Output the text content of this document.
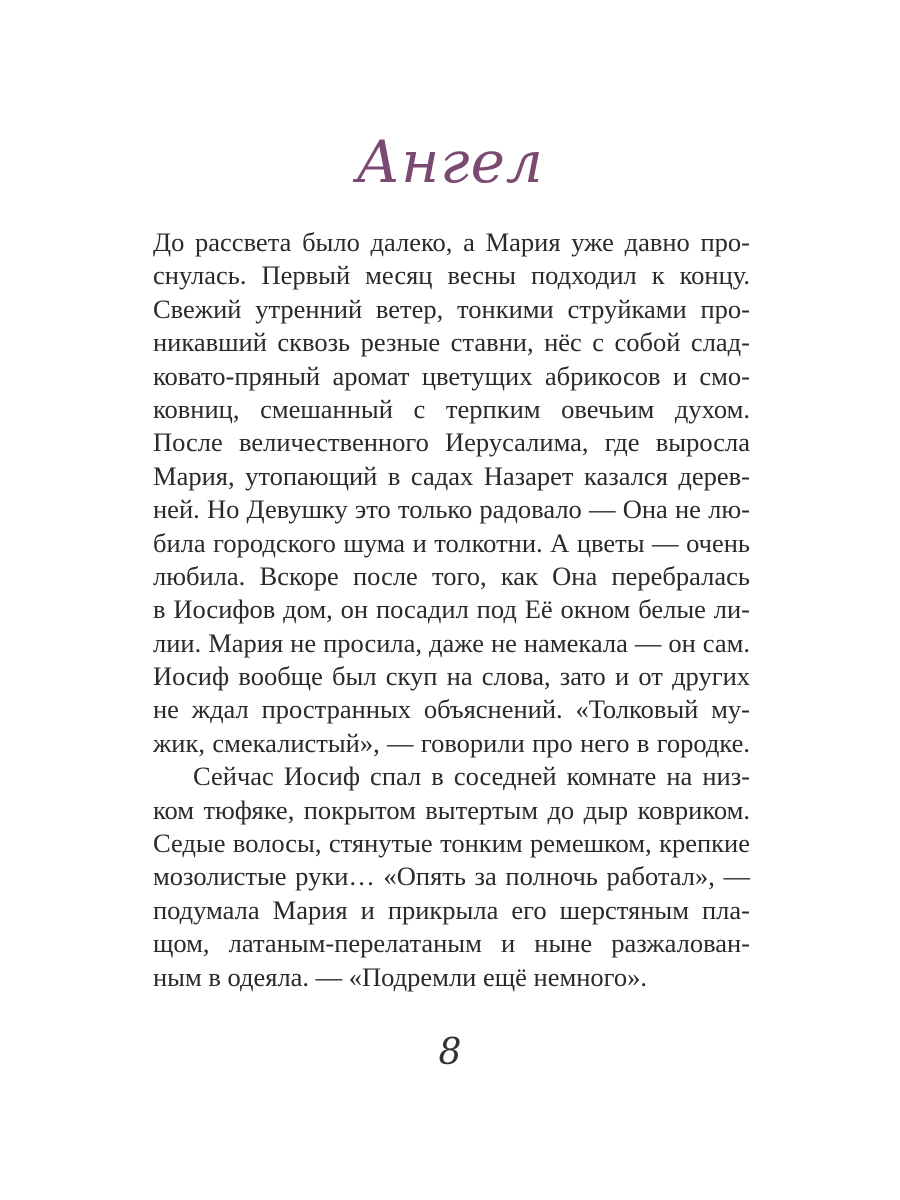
Ангел
До рассвета было далеко, а Мария уже давно про-
снулась. Первый месяц весны подходил к концу.
Свежий утренний ветер, тонкими струйками про-
никавший сквозь резные ставни, нёс с собой слад-
ковато-пряный аромат цветущих абрикосов и смо-
ковниц, смешанный с терпким овечьим духом.
После величественного Иерусалима, где выросла
Мария, утопающий в садах Назарет казался дерев-
ней. Но Девушку это только радовало — Она не лю-
била городского шума и толкотни. А цветы — очень
любила. Вскоре после того, как Она перебралась
в Иосифов дом, он посадил под Её окном белые ли-
лии. Мария не просила, даже не намекала — он сам.
Иосиф вообще был скуп на слова, зато и от других
не ждал пространных объяснений. «Толковый му-
жик, смекалистый», — говорили про него в городке.
Сейчас Иосиф спал в соседней комнате на низ-
ком тюфяке, покрытом вытертым до дыр ковриком.
Седые волосы, стянутые тонким ремешком, крепкие
мозолистые руки… «Опять за полночь работал», —
подумала Мария и прикрыла его шерстяным пла-
щом, латаным-перелатаным и ныне разжалован-
ным в одеяла. — «Подремли ещё немного».
8
